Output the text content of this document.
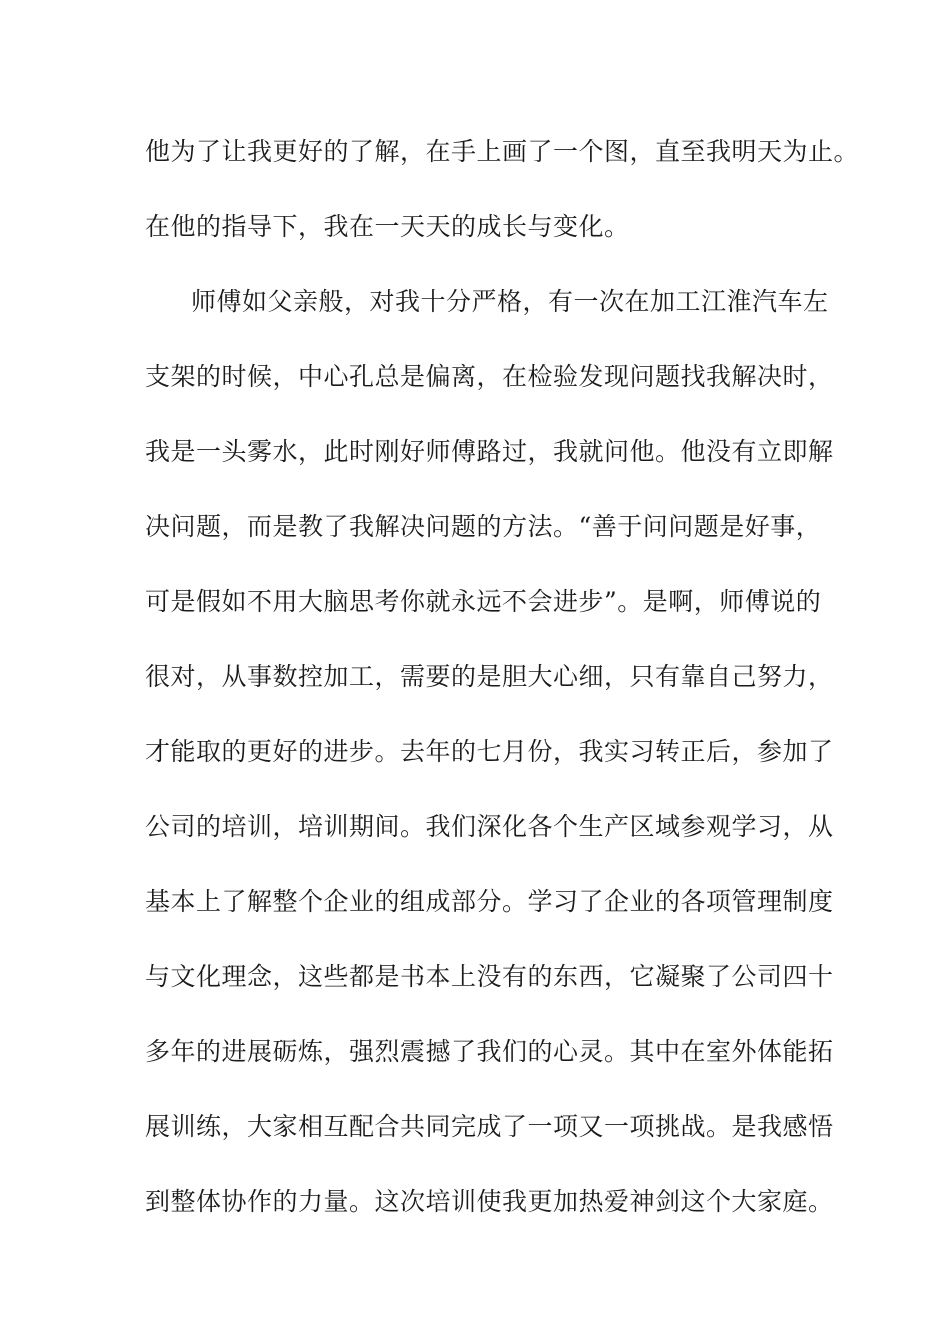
他为了让我更好的了解，在手上画了一个图，直至我明天为止。
在他的指导下，我在一天天的成长与变化。
师傅如父亲般，对我十分严格，有一次在加工江淮汽车左
支架的时候，中心孔总是偏离，在检验发现问题找我解决时，
我是一头雾水，此时刚好师傅路过，我就问他。他没有立即解
决问题，而是教了我解决问题的方法。“善于问问题是好事，
可是假如不用大脑思考你就永远不会进步”。是啊，师傅说的
很对，从事数控加工，需要的是胆大心细，只有靠自己努力，
才能取的更好的进步。去年的七月份，我实习转正后，参加了
公司的培训，培训期间。我们深化各个生产区域参观学习，从
基本上了解整个企业的组成部分。学习了企业的各项管理制度
与文化理念，这些都是书本上没有的东西，它凝聚了公司四十
多年的进展砺炼，强烈震撼了我们的心灵。其中在室外体能拓
展训练，大家相互配合共同完成了一项又一项挑战。是我感悟
到整体协作的力量。这次培训使我更加热爱神剑这个大家庭。
